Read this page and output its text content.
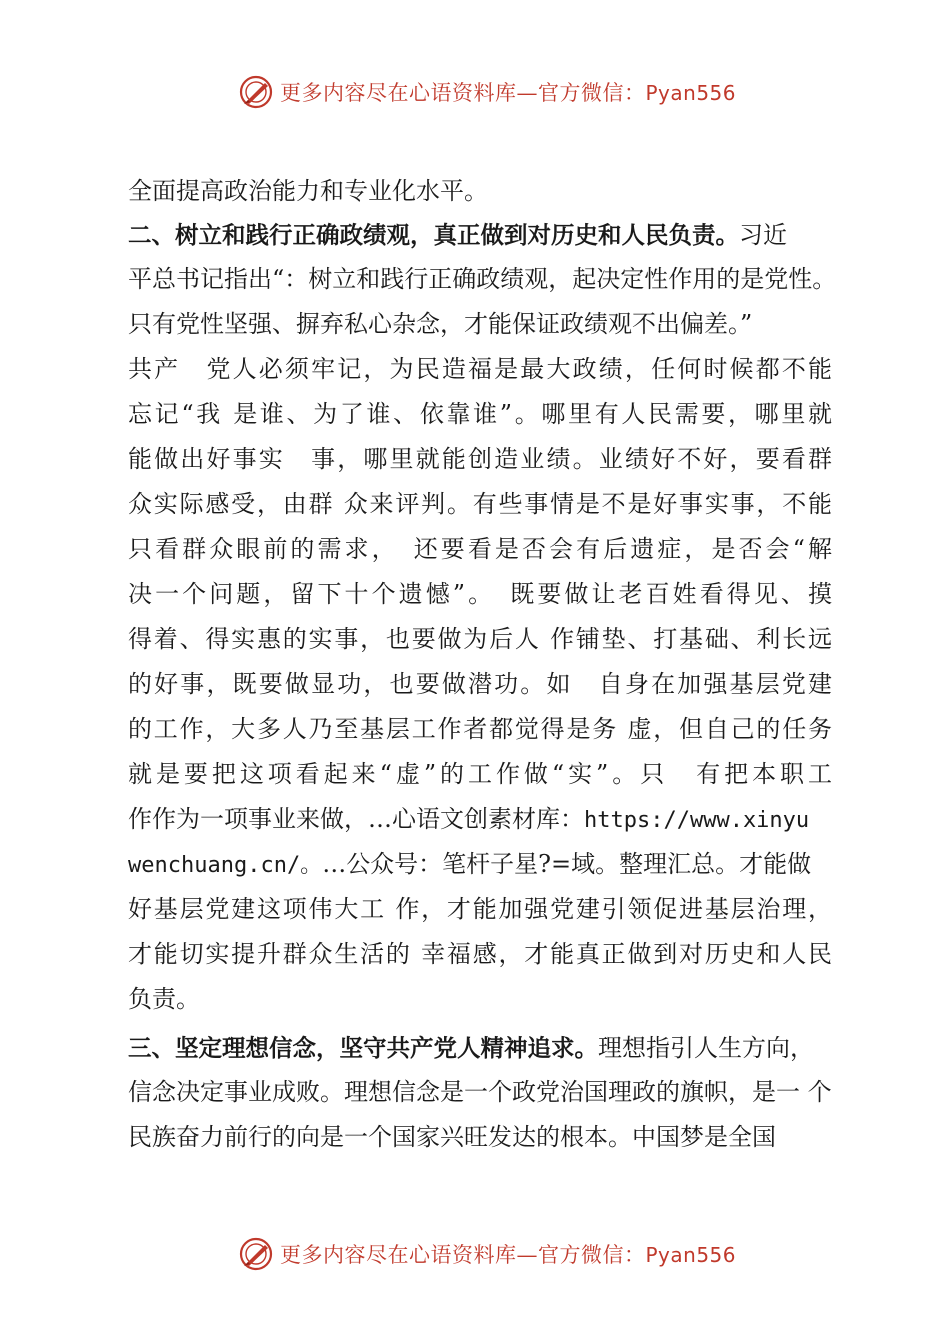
更多内容尽在心语资料库—官方微信：Pyan556
全面提高政治能力和专业化水平。
二、树立和践行正确政绩观，真正做到对历史和人民负责。习近
平总书记指出“：树立和践行正确政绩观，起决定性作用的是党性。
只有党性坚强、摒弃私心杂念，才能保证政绩观不出偏差。”
共产　党人必须牢记，为民造福是最大政绩，任何时候都不能
忘记“我 是谁、为了谁、依靠谁”。哪里有人民需要，哪里就
能做出好事实　事，哪里就能创造业绩。业绩好不好，要看群
众实际感受，由群 众来评判。有些事情是不是好事实事，不能
只看群众眼前的需求，　还要看是否会有后遗症，是否会“解
决一个问题，留下十个遗憾”。　既要做让老百姓看得见、摸
得着、得实惠的实事，也要做为后人 作铺垫、打基础、利长远
的好事，既要做显功，也要做潜功。如　自身在加强基层党建
的工作，大多人乃至基层工作者都觉得是务 虚，但自己的任务
就是要把这项看起来“虚”的工作做“实”。只　有把本职工
作作为一项事业来做，…心语文创素材库：https://www.xinyu
wenchuang.cn/。…公众号：笔杆子星?=域。整理汇总。才能做
好基层党建这项伟大工 作，才能加强党建引领促进基层治理，
才能切实提升群众生活的 幸福感，才能真正做到对历史和人民
负责。
三、坚定理想信念，坚守共产党人精神追求。理想指引人生方向，
信念决定事业成败。理想信念是一个政党治国理政的旗帜，是一 个
民族奋力前行的向是一个国家兴旺发达的根本。中国梦是全国
更多内容尽在心语资料库—官方微信：Pyan556
